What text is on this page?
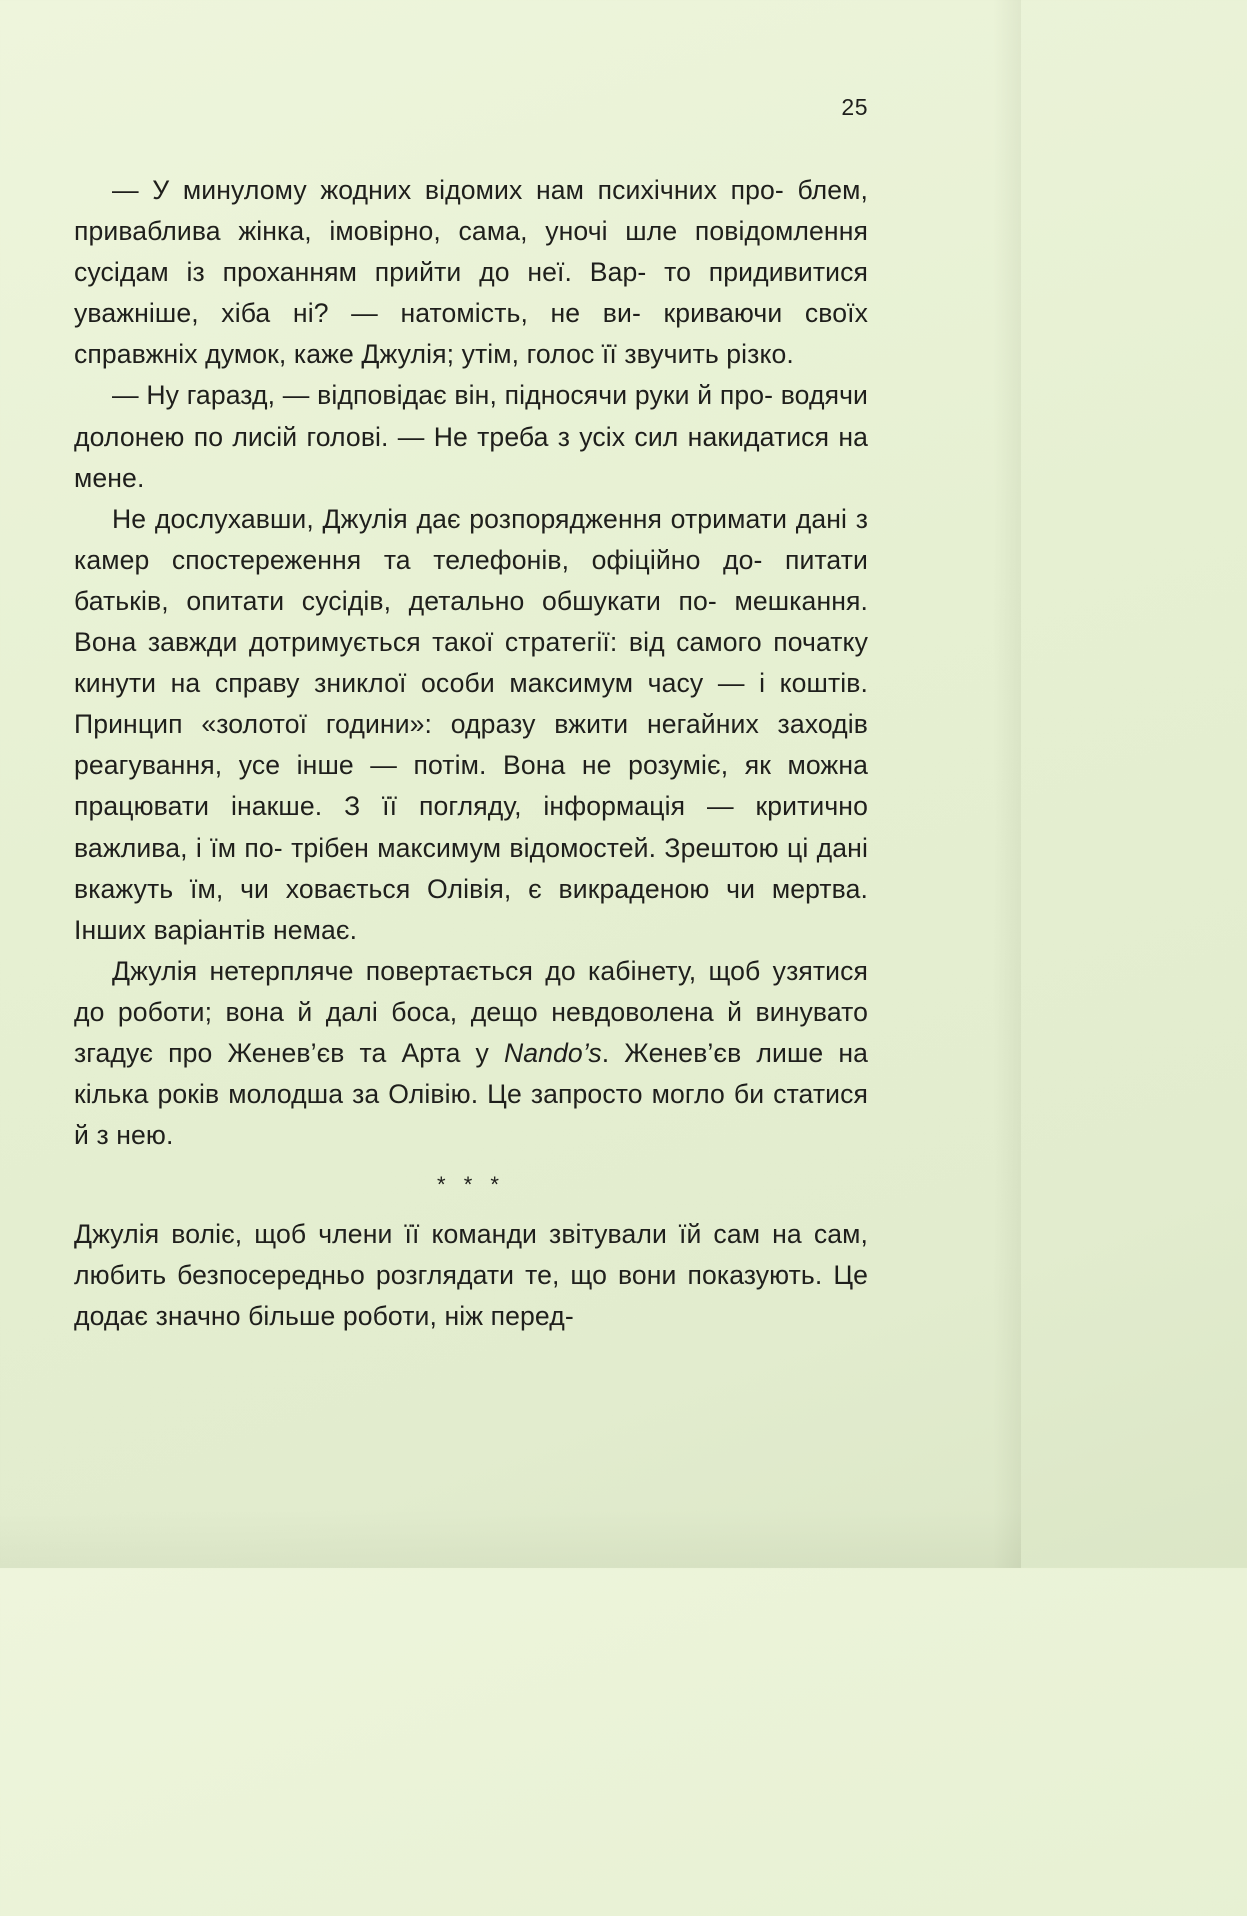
25

— У минулому жодних відомих нам психічних про- блем, приваблива жінка, імовірно, сама, уночі шле повідомлення сусідам із проханням прийти до неї. Вар- то придивитися уважніше, хіба ні? — натомість, не ви- криваючи своїх справжніх думок, каже Джулія; утім, голос її звучить різко.

— Ну гаразд, — відповідає він, підносячи руки й про- водячи долонею по лисій голові. — Не треба з усіх сил накидатися на мене.

Не дослухавши, Джулія дає розпорядження отримати дані з камер спостереження та телефонів, офіційно до- питати батьків, опитати сусідів, детально обшукати по- мешкання. Вона завжди дотримується такої стратегії: від самого початку кинути на справу зниклої особи максимум часу — і коштів. Принцип «золотої години»: одразу вжити негайних заходів реагування, усе інше — потім. Вона не розуміє, як можна працювати інакше. З її погляду, інформація — критично важлива, і їм по- трібен максимум відомостей. Зрештою ці дані вкажуть їм, чи ховається Олівія, є викраденою чи мертва. Інших варіантів немає.

Джулія нетерпляче повертається до кабінету, щоб узятися до роботи; вона й далі боса, дещо невдоволена й винувато згадує про Женев’єв та Арта у Nando’s. Женев’єв лише на кілька років молодша за Олівію. Це запросто могло би статися й з нею.

* * *

Джулія воліє, щоб члени її команди звітували їй сам на сам, любить безпосередньо розглядати те, що вони показують. Це додає значно більше роботи, ніж перед-
